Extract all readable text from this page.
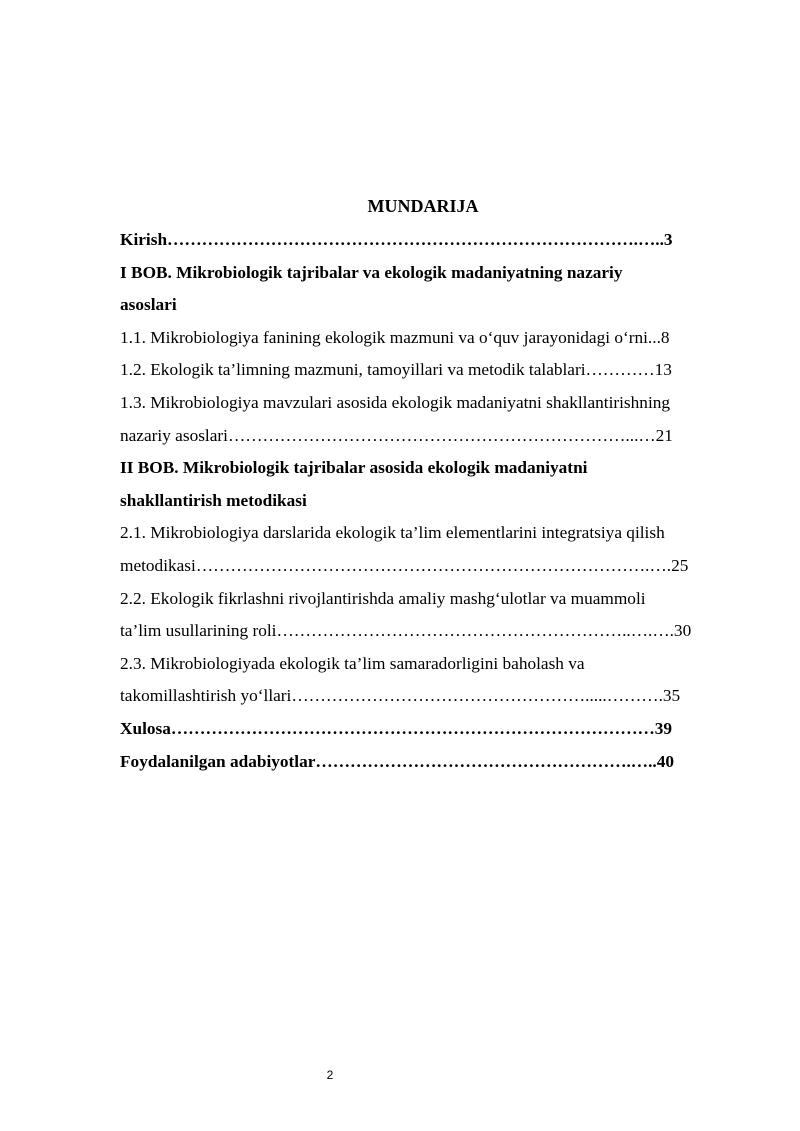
MUNDARIJA
Kirish……………………………………………………………………….…..3
I BOB. Mikrobiologik tajribalar va ekologik madaniyatning nazariy
asoslari
1.1. Mikrobiologiya fanining ekologik mazmuni va o‘quv jarayonidagi o‘rni...8
1.2. Ekologik ta’limning mazmuni, tamoyillari va metodik talablari…………13
1.3. Mikrobiologiya mavzulari asosida ekologik madaniyatni shakllantirishning
nazariy asoslari……………………………………………………………...…21
II BOB. Mikrobiologik tajribalar asosida ekologik madaniyatni
shakllantirish metodikasi
2.1. Mikrobiologiya darslarida ekologik ta’lim elementlarini integratsiya qilish
metodikasi…………………………………………………………………….….25
2.2. Ekologik fikrlashni rivojlantirishda amaliy mashg‘ulotlar va muammoli
ta’lim usullarining roli……………………………………………………..….….30
2.3. Mikrobiologiyada ekologik ta’lim samaradorligini baholash va
takomillashtirish yo‘llari…………………………………………….....……….35
Xulosa…………………………………………………………………………39
Foydalanilgan adabiyotlar……………………………………………….…..40
2
